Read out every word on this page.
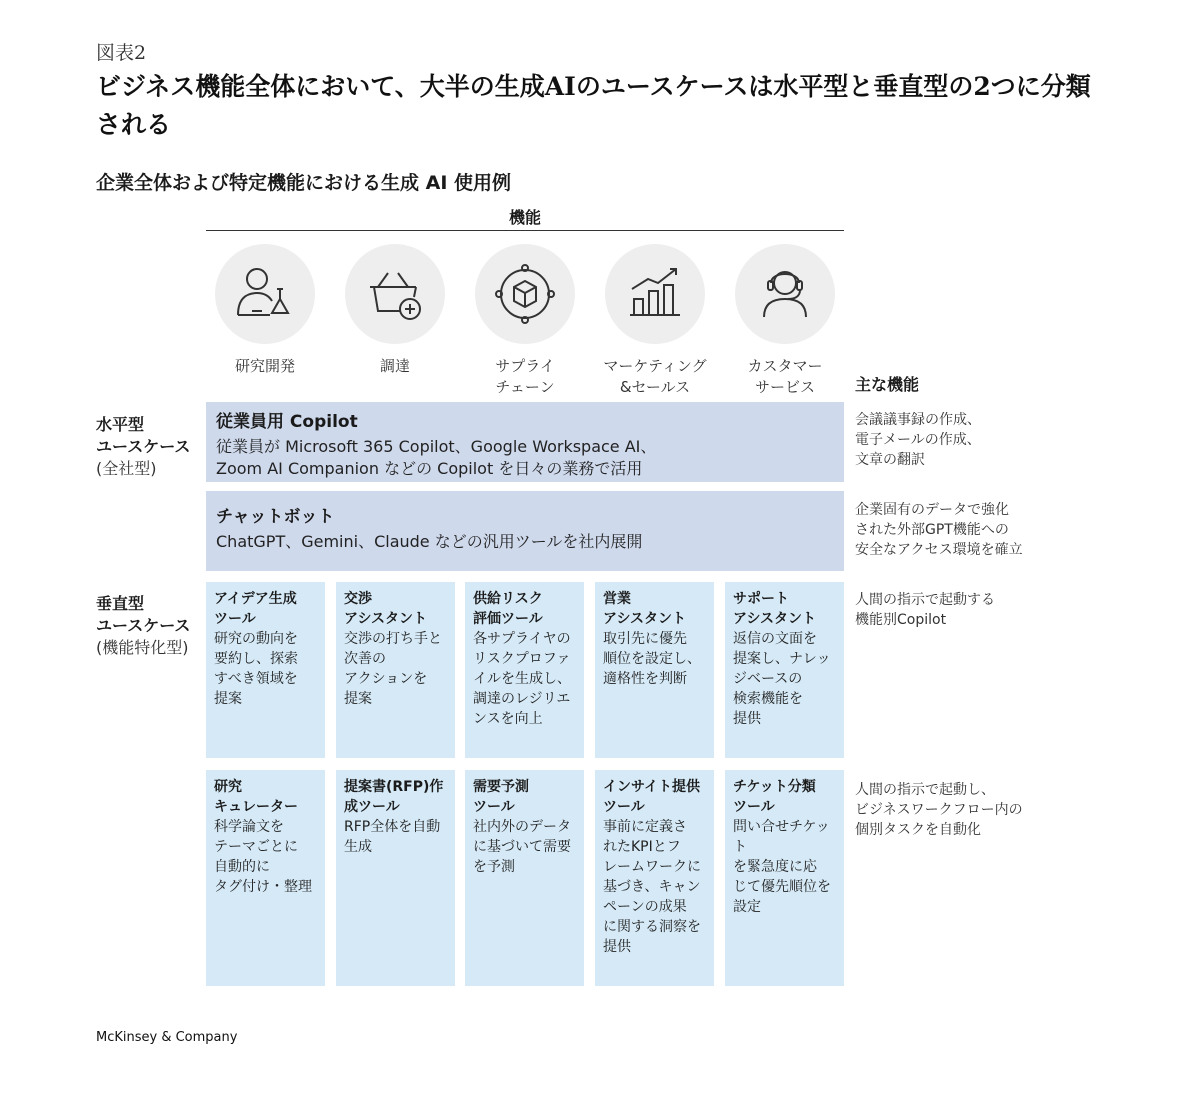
図表2
ビジネス機能全体において、大半の生成AIのユースケースは水平型と垂直型の2つに分類される
企業全体および特定機能における生成 AI 使用例
機能
研究開発	調達	サプライ
チェーン
マーケティング
&セールス
カスタマー
サービス	主な機能
水平型
ユースケース
(全社型)
従業員用 Copilot
従業員が Microsoft 365 Copilot、Google Workspace AI、
Zoom AI Companion などの Copilot を日々の業務で活用
会議議事録の作成、
電子メールの作成、
文章の翻訳
チャットボット
ChatGPT、Gemini、Claude などの汎用ツールを社内展開
企業固有のデータで強化
された外部GPT機能への
安全なアクセス環境を確立
垂直型
ユースケース
(機能特化型)
アイデア生成
ツール
研究の動向を
要約し、探索
すべき領域を
提案
交渉
アシスタント
交渉の打ち手と
次善の
アクションを
提案
供給リスク
評価ツール
各サプライヤの
リスクプロファ
イルを生成し、
調達のレジリエ
ンスを向上
営業
アシスタント
取引先に優先
順位を設定し、
適格性を判断
サポート
アシスタント
返信の文面を
提案し、ナレッ
ジベースの
検索機能を
提供
人間の指示で起動する
機能別Copilot
研究
キュレーター
科学論文を
テーマごとに
自動的に
タグ付け・整理
提案書(RFP)作
成ツール
RFP全体を自動
生成
需要予測
ツール
社内外のデータ
に基づいて需要
を予測
インサイト提供
ツール
事前に定義さ
れたKPIとフ
レームワークに
基づき、キャン
ペーンの成果
に関する洞察を
提供
チケット分類
ツール
問い合せチケット
を緊急度に応
じて優先順位を
設定
人間の指示で起動し、
ビジネスワークフロー内の
個別タスクを自動化
McKinsey & Company
